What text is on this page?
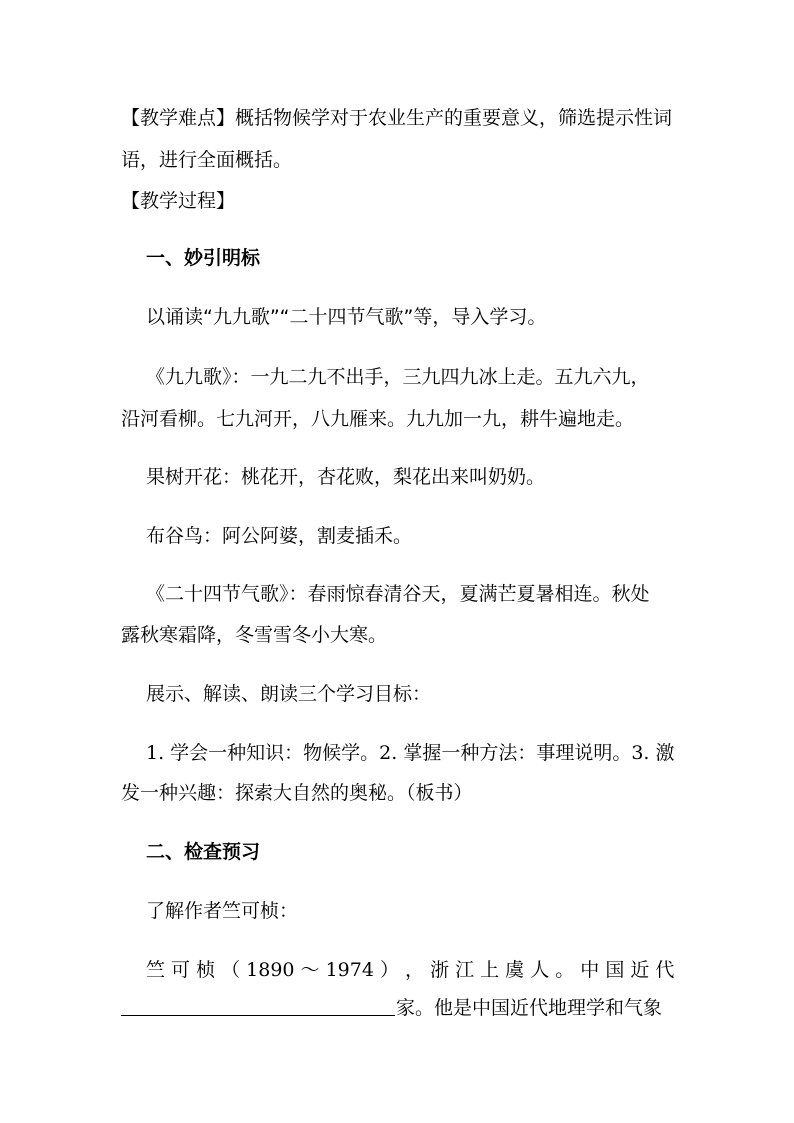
【教学难点】概括物候学对于农业生产的重要意义，筛选提示性词
语，进行全面概括。
【教学过程】
一、妙引明标
以诵读“九九歌”“二十四节气歌”等，导入学习。
《九九歌》：一九二九不出手，三九四九冰上走。五九六九，
沿河看柳。七九河开，八九雁来。九九加一九，耕牛遍地走。
果树开花：桃花开，杏花败，梨花出来叫奶奶。
布谷鸟：阿公阿婆，割麦插禾。
《二十四节气歌》：春雨惊春清谷天，夏满芒夏暑相连。秋处
露秋寒霜降，冬雪雪冬小大寒。
展示、解读、朗读三个学习目标：
1. 学会一种知识：物候学。2. 掌握一种方法：事理说明。3. 激
发一种兴趣：探索大自然的奥秘。（板书）
二、检查预习
了解作者竺可桢：
竺 可 桢 （ 1890 ～ 1974 ） ， 浙 江 上 虞 人 。 中 国 近 代
家。他是中国近代地理学和气象
